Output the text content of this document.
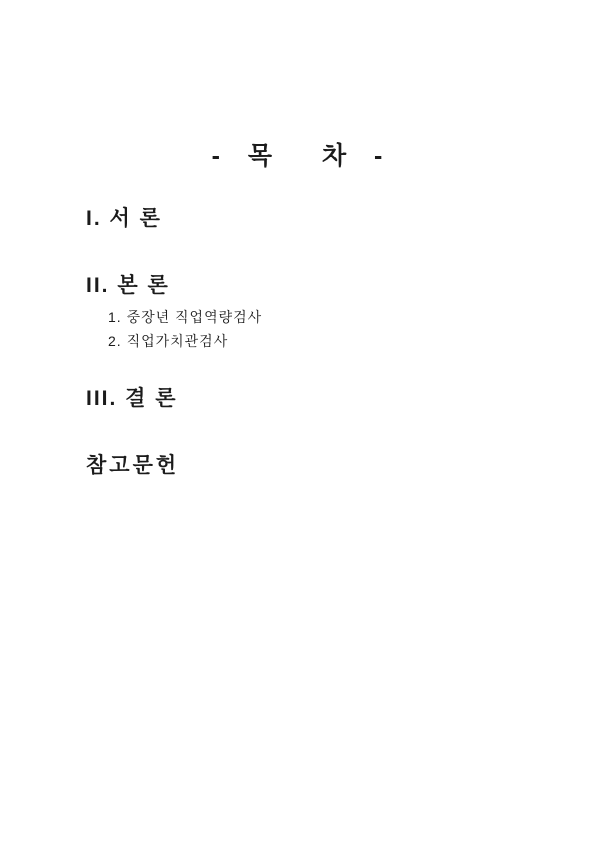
- 목  차 -
I. 서 론
II. 본 론
1. 중장년 직업역량검사
2. 직업가치관검사
III. 결 론
참고문헌
